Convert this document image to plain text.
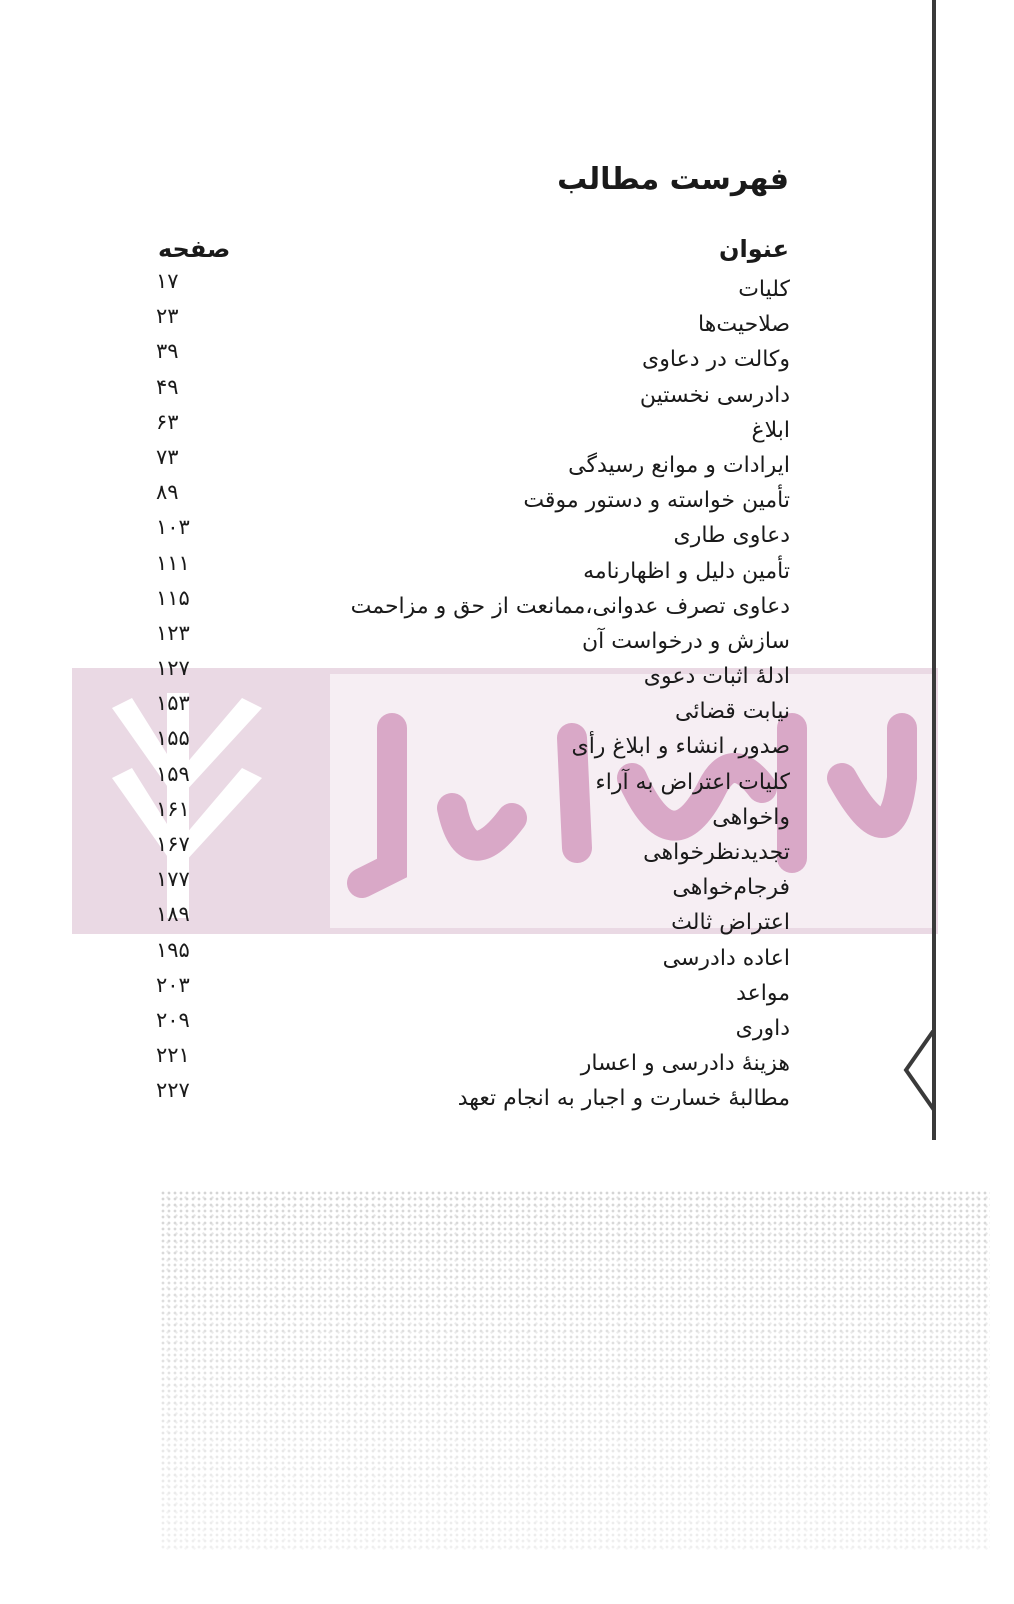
فهرست مطالب
عنوان
صفحه
کلیات
۱۷
صلاحیت‌ها
۲۳
وکالت در دعاوی
۳۹
دادرسی نخستین
۴۹
ابلاغ
۶۳
ایرادات و موانع رسیدگی
۷۳
تأمین خواسته و دستور موقت
۸۹
دعاوی طاری
۱۰۳
تأمین دلیل و اظهارنامه
۱۱۱
دعاوی تصرف عدوانی،ممانعت از حق و مزاحمت
۱۱۵
سازش و درخواست آن
۱۲۳
ادلهٔ اثبات دعوی
۱۲۷
نیابت قضائی
۱۵۳
صدور، انشاء و ابلاغ رأی
۱۵۵
کلیات اعتراض به آراء
۱۵۹
واخواهی
۱۶۱
تجدیدنظرخواهی
۱۶۷
فرجام‌خواهی
۱۷۷
اعتراض ثالث
۱۸۹
اعاده دادرسی
۱۹۵
مواعد
۲۰۳
داوری
۲۰۹
هزینهٔ دادرسی و اعسار
۲۲۱
مطالبهٔ خسارت و اجبار به انجام تعهد
۲۲۷
